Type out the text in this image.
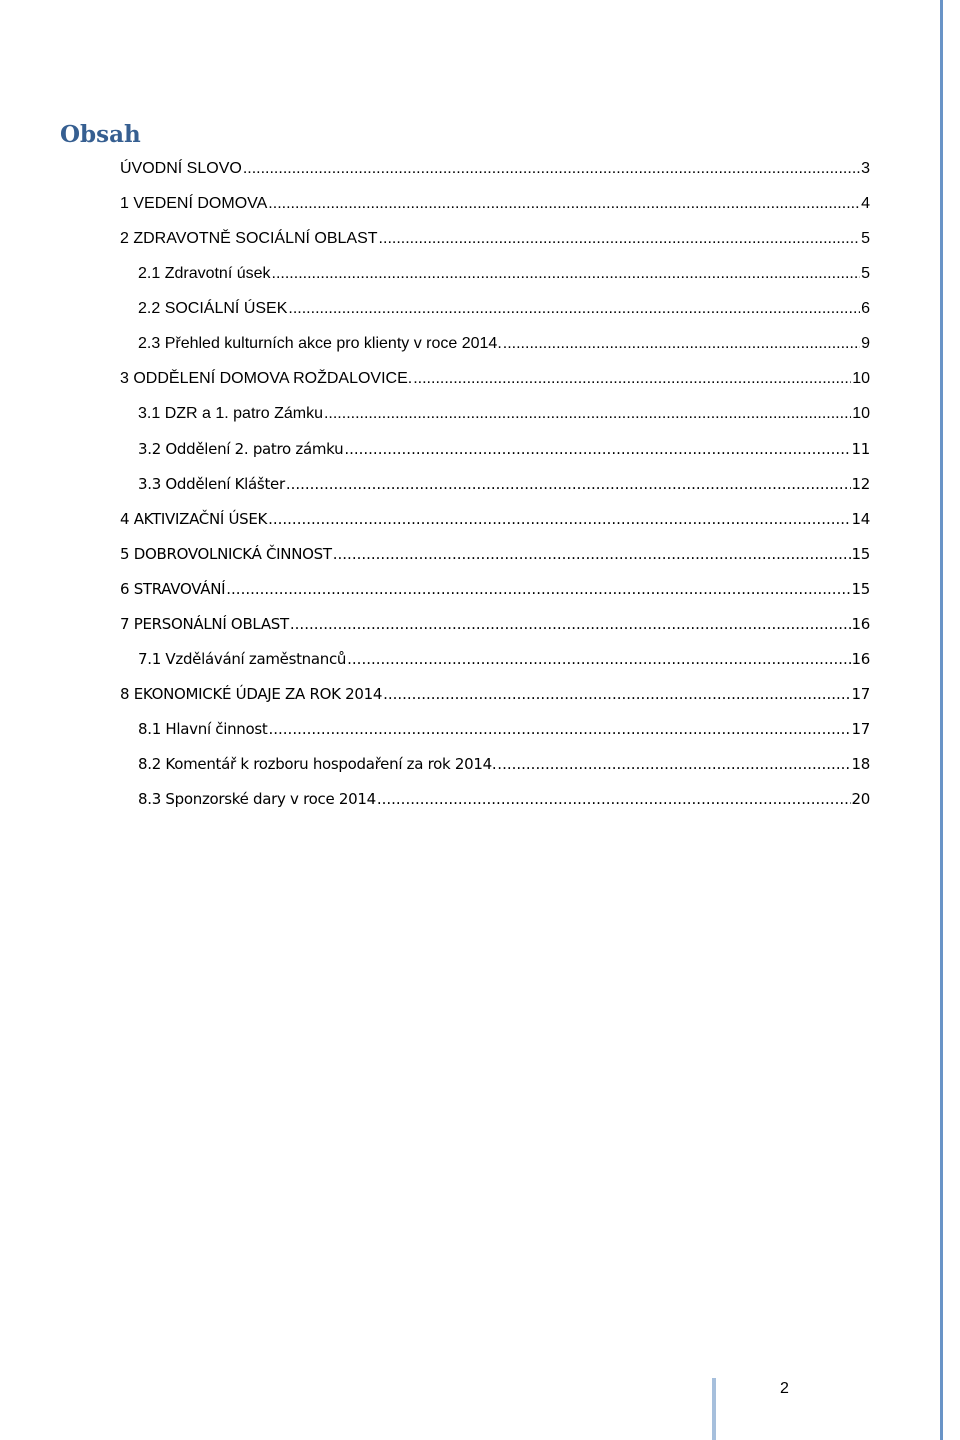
Obsah
ÚVODNÍ SLOVO .....	3
1 VEDENÍ DOMOVA .....	4
2 ZDRAVOTNĚ SOCIÁLNÍ OBLAST .....	5
2.1 Zdravotní úsek .....	5
2.2 SOCIÁLNÍ ÚSEK .....	6
2.3 Přehled kulturních akce pro klienty v roce 2014. .....	9
3 ODDĚLENÍ DOMOVA ROŽDALOVICE. .....	10
3.1 DZR a 1. patro Zámku .....	10
3.2 Oddělení 2. patro zámku .....	11
3.3 Oddělení Klášter .....	12
4 AKTIVIZAČNÍ ÚSEK .....	14
5 DOBROVOLNICKÁ ČINNOST .....	15
6 STRAVOVÁNÍ .....	15
7 PERSONÁLNÍ OBLAST .....	16
7.1 Vzdělávání zaměstnanců .....	16
8 EKONOMICKÉ ÚDAJE ZA ROK 2014 .....	17
8.1 Hlavní činnost .....	17
8.2 Komentář k rozboru hospodaření za rok 2014. .....	18
8.3 Sponzorské dary v roce 2014 .....	20
2
